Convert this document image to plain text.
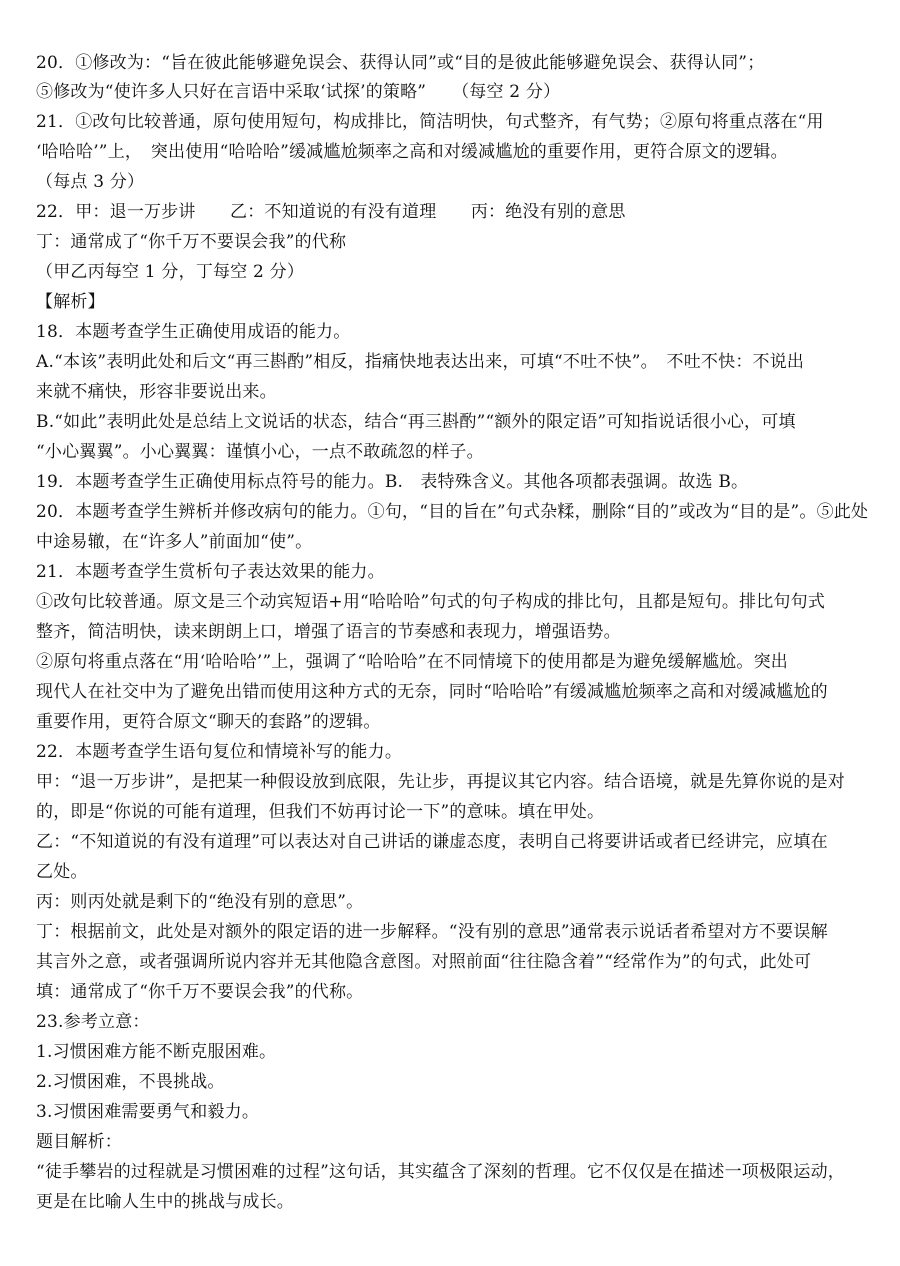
20．①修改为：“旨在彼此能够避免误会、获得认同”或“目的是彼此能够避免误会、获得认同”；
⑤修改为“使许多人只好在言语中采取‘试探’的策略”　　（每空 2 分）
21．①改句比较普通，原句使用短句，构成排比，简洁明快，句式整齐，有气势；②原句将重点落在“用
‘哈哈哈’”上，　突出使用“哈哈哈”缓减尴尬频率之高和对缓减尴尬的重要作用，更符合原文的逻辑。
（每点 3 分）
22．甲：退一万步讲　　乙：不知道说的有没有道理　　丙：绝没有别的意思
丁：通常成了“你千万不要误会我”的代称
（甲乙丙每空 1 分，丁每空 2 分）
【解析】
18．本题考查学生正确使用成语的能力。
A.“本该”表明此处和后文“再三斟酌”相反，指痛快地表达出来，可填“不吐不快”。　不吐不快：不说出
来就不痛快，形容非要说出来。
B.“如此”表明此处是总结上文说话的状态，结合“再三斟酌”“额外的限定语”可知指说话很小心，可填
“小心翼翼”。小心翼翼：谨慎小心，一点不敢疏忽的样子。
19．本题考查学生正确使用标点符号的能力。B.　表特殊含义。其他各项都表强调。故选 B。
20．本题考查学生辨析并修改病句的能力。①句，“目的旨在”句式杂糅，删除“目的”或改为“目的是”。⑤此处
中途易辙，在“许多人”前面加“使”。
21．本题考查学生赏析句子表达效果的能力。
①改句比较普通。原文是三个动宾短语+用“哈哈哈”句式的句子构成的排比句，且都是短句。排比句句式
整齐，简洁明快，读来朗朗上口，增强了语言的节奏感和表现力，增强语势。
②原句将重点落在“用‘哈哈哈’”上，强调了“哈哈哈”在不同情境下的使用都是为避免缓解尴尬。突出
现代人在社交中为了避免出错而使用这种方式的无奈，同时“哈哈哈”有缓减尴尬频率之高和对缓减尴尬的
重要作用，更符合原文“聊天的套路”的逻辑。
22．本题考查学生语句复位和情境补写的能力。
甲：“退一万步讲”，是把某一种假设放到底限，先让步，再提议其它内容。结合语境，就是先算你说的是对
的，即是“你说的可能有道理，但我们不妨再讨论一下”的意味。填在甲处。
乙：“不知道说的有没有道理”可以表达对自己讲话的谦虚态度，表明自己将要讲话或者已经讲完，应填在
乙处。
丙：则丙处就是剩下的“绝没有别的意思”。
丁：根据前文，此处是对额外的限定语的进一步解释。“没有别的意思”通常表示说话者希望对方不要误解
其言外之意，或者强调所说内容并无其他隐含意图。对照前面“往往隐含着”“经常作为”的句式，此处可
填：通常成了“你千万不要误会我”的代称。
23.参考立意：
1.习惯困难方能不断克服困难。
2.习惯困难，不畏挑战。
3.习惯困难需要勇气和毅力。
题目解析：
“徒手攀岩的过程就是习惯困难的过程”这句话，其实蕴含了深刻的哲理。它不仅仅是在描述一项极限运动，
更是在比喻人生中的挑战与成长。
